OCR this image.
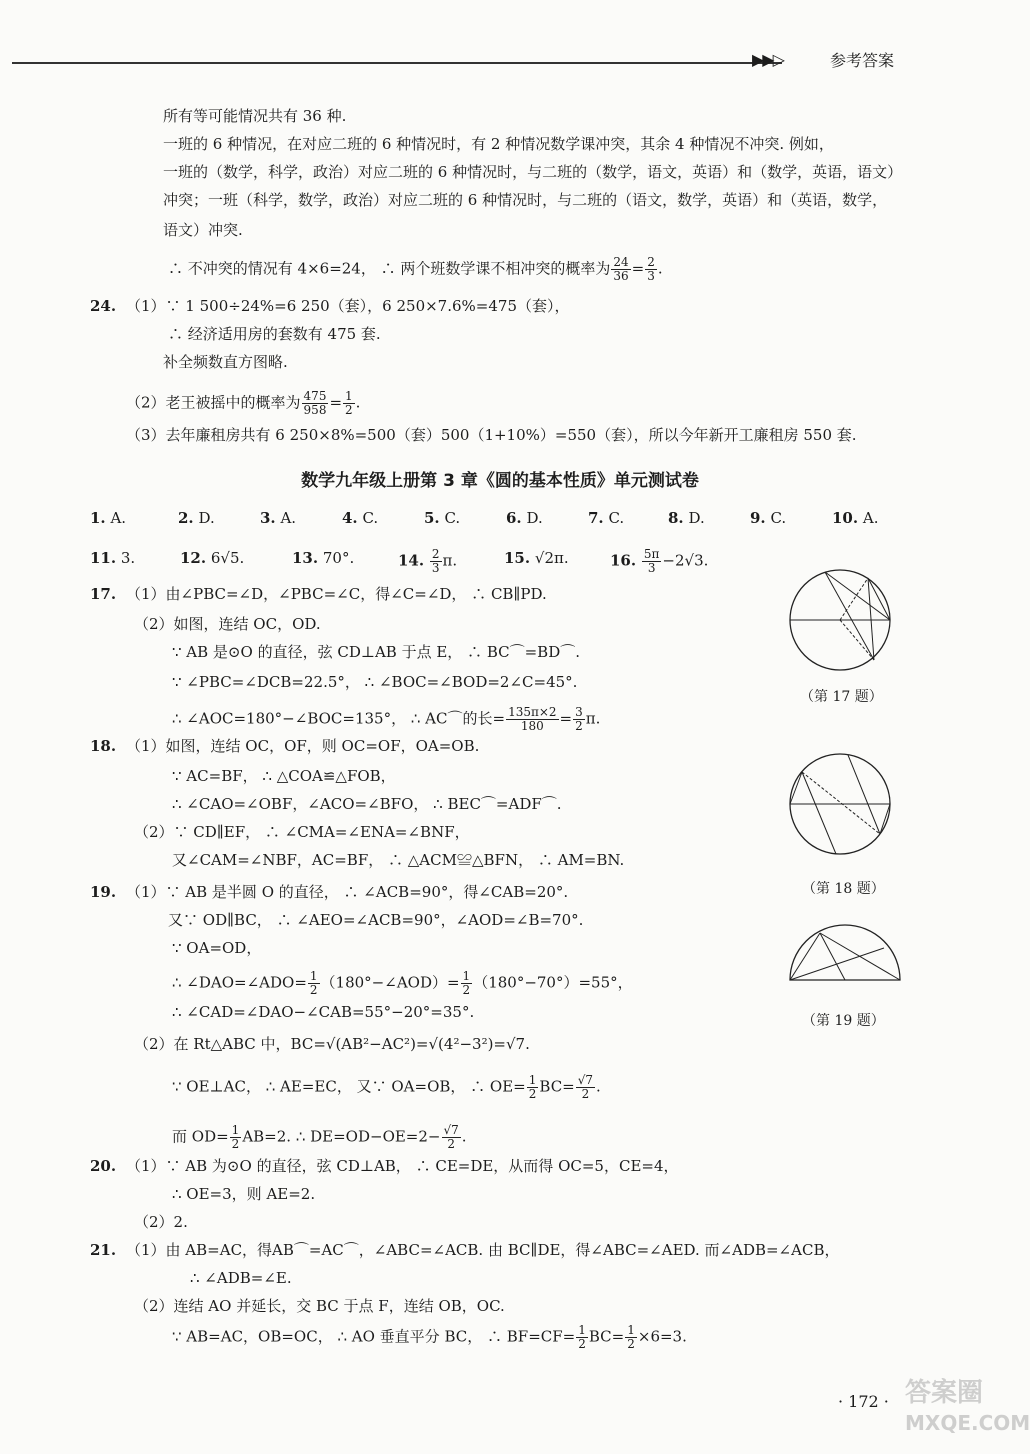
▶▶▷	参考答案
所有等可能情况共有 36 种.
一班的 6 种情况，在对应二班的 6 种情况时，有 2 种情况数学课冲突，其余 4 种情况不冲突. 例如，
一班的（数学，科学，政治）对应二班的 6 种情况时，与二班的（数学，语文，英语）和（数学，英语，语文）
冲突；一班（科学，数学，政治）对应二班的 6 种情况时，与二班的（语文，数学，英语）和（英语，数学，
语文）冲突.
∴ 不冲突的情况有 4×6=24， ∴ 两个班数学课不相冲突的概率为 $\frac{24}{36} = \frac{2}{3}$ .
24. （1）∵ 1 500÷24%=6 250（套），6 250×7.6%=475（套），
∴ 经济适用房的套数有 475 套.
补全频数直方图略.
（2）老王被摇中的概率为 $\frac{475}{958} = \frac{1}{2}$ .
（3）去年廉租房共有 6 250×8%=500（套）500（1+10%）=550（套），所以今年新开工廉租房 550 套.
数学九年级上册第 3 章《圆的基本性质》单元测试卷
1. A.	2. D.	3. A.	4. C.	5. C.	6. D.	7. C.	8. D.	9. C.	10. A.
11. 3.	12. 6√5.	13. 70°.	14. $\frac{2}{3} \pi$.	15. √2π.	16. $\frac{5\pi}{3} -2√3$.
17. （1）由∠PBC=∠D，∠PBC=∠C，得∠C=∠D， ∴ CB∥PD.
（2）如图，连结 OC，OD.
∵ AB 是⊙O 的直径，弦 CD⊥AB 于点 E， ∴ BC⌒=BD⌒.
∵ ∠PBC=∠DCB=22.5°， ∴ ∠BOC=∠BOD=2∠C=45°.
∴ ∠AOC=180°−∠BOC=135°， ∴ AC⌒的长= $\frac{135\pi\times 2}{180} = \frac{3}{2} \pi$.
18. （1）如图，连结 OC，OF，则 OC=OF，OA=OB.
∵ AC=BF， ∴ △COA≌△FOB，
∴ ∠CAO=∠OBF，∠ACO=∠BFO， ∴ BEC⌒=ADF⌒.
（2）∵ CD∥EF， ∴ ∠CMA=∠ENA=∠BNF，
又∠CAM=∠NBF，AC=BF， ∴ △ACM≌△BFN， ∴ AM=BN.
19. （1）∵ AB 是半圆 O 的直径， ∴ ∠ACB=90°，得∠CAB=20°.
又∵ OD∥BC， ∴ ∠AEO=∠ACB=90°，∠AOD=∠B=70°.
∵ OA=OD，
∴ ∠DAO=∠ADO= $\frac{1}{2}$ （180°−∠AOD）= $\frac{1}{2} (180^\circ-70^\circ)=55^\circ$，
∴ ∠CAD=∠DAO−∠CAB=55°−20°=35°.
（2）在 Rt△ABC 中，BC=√(AB²−AC²)=√(4²−3²)=√7.
∵ OE⊥AC， ∴ AE=EC， 又∵ OA=OB， ∴ $OE= \frac{1}{2} BC= \frac{√7}{2}$ .
而 $OD= \frac{1}{2} AB=2$. ∴ $DE=OD-OE=2- \frac{√7}{2}$ .
20. （1）∵ AB 为⊙O 的直径，弦 CD⊥AB， ∴ CE=DE，从而得 OC=5，CE=4，
∴ OE=3，则 AE=2.
（2）2.
21. （1）由 AB=AC，得AB⌒=AC⌒，∠ABC=∠ACB. 由 BC∥DE，得∠ABC=∠AED. 而∠ADB=∠ACB，
∴ ∠ADB=∠E.
（2）连结 AO 并延长，交 BC 于点 F，连结 OB，OC.
∵ AB=AC，OB=OC， ∴ AO 垂直平分 BC， ∴ $BF=CF= \frac{1}{2} BC= \frac{1}{2} \times 6=3$.
（第 17 题）
（第 18 题）
（第 19 题）
· 172 · 答案圈
MXQE.COM
